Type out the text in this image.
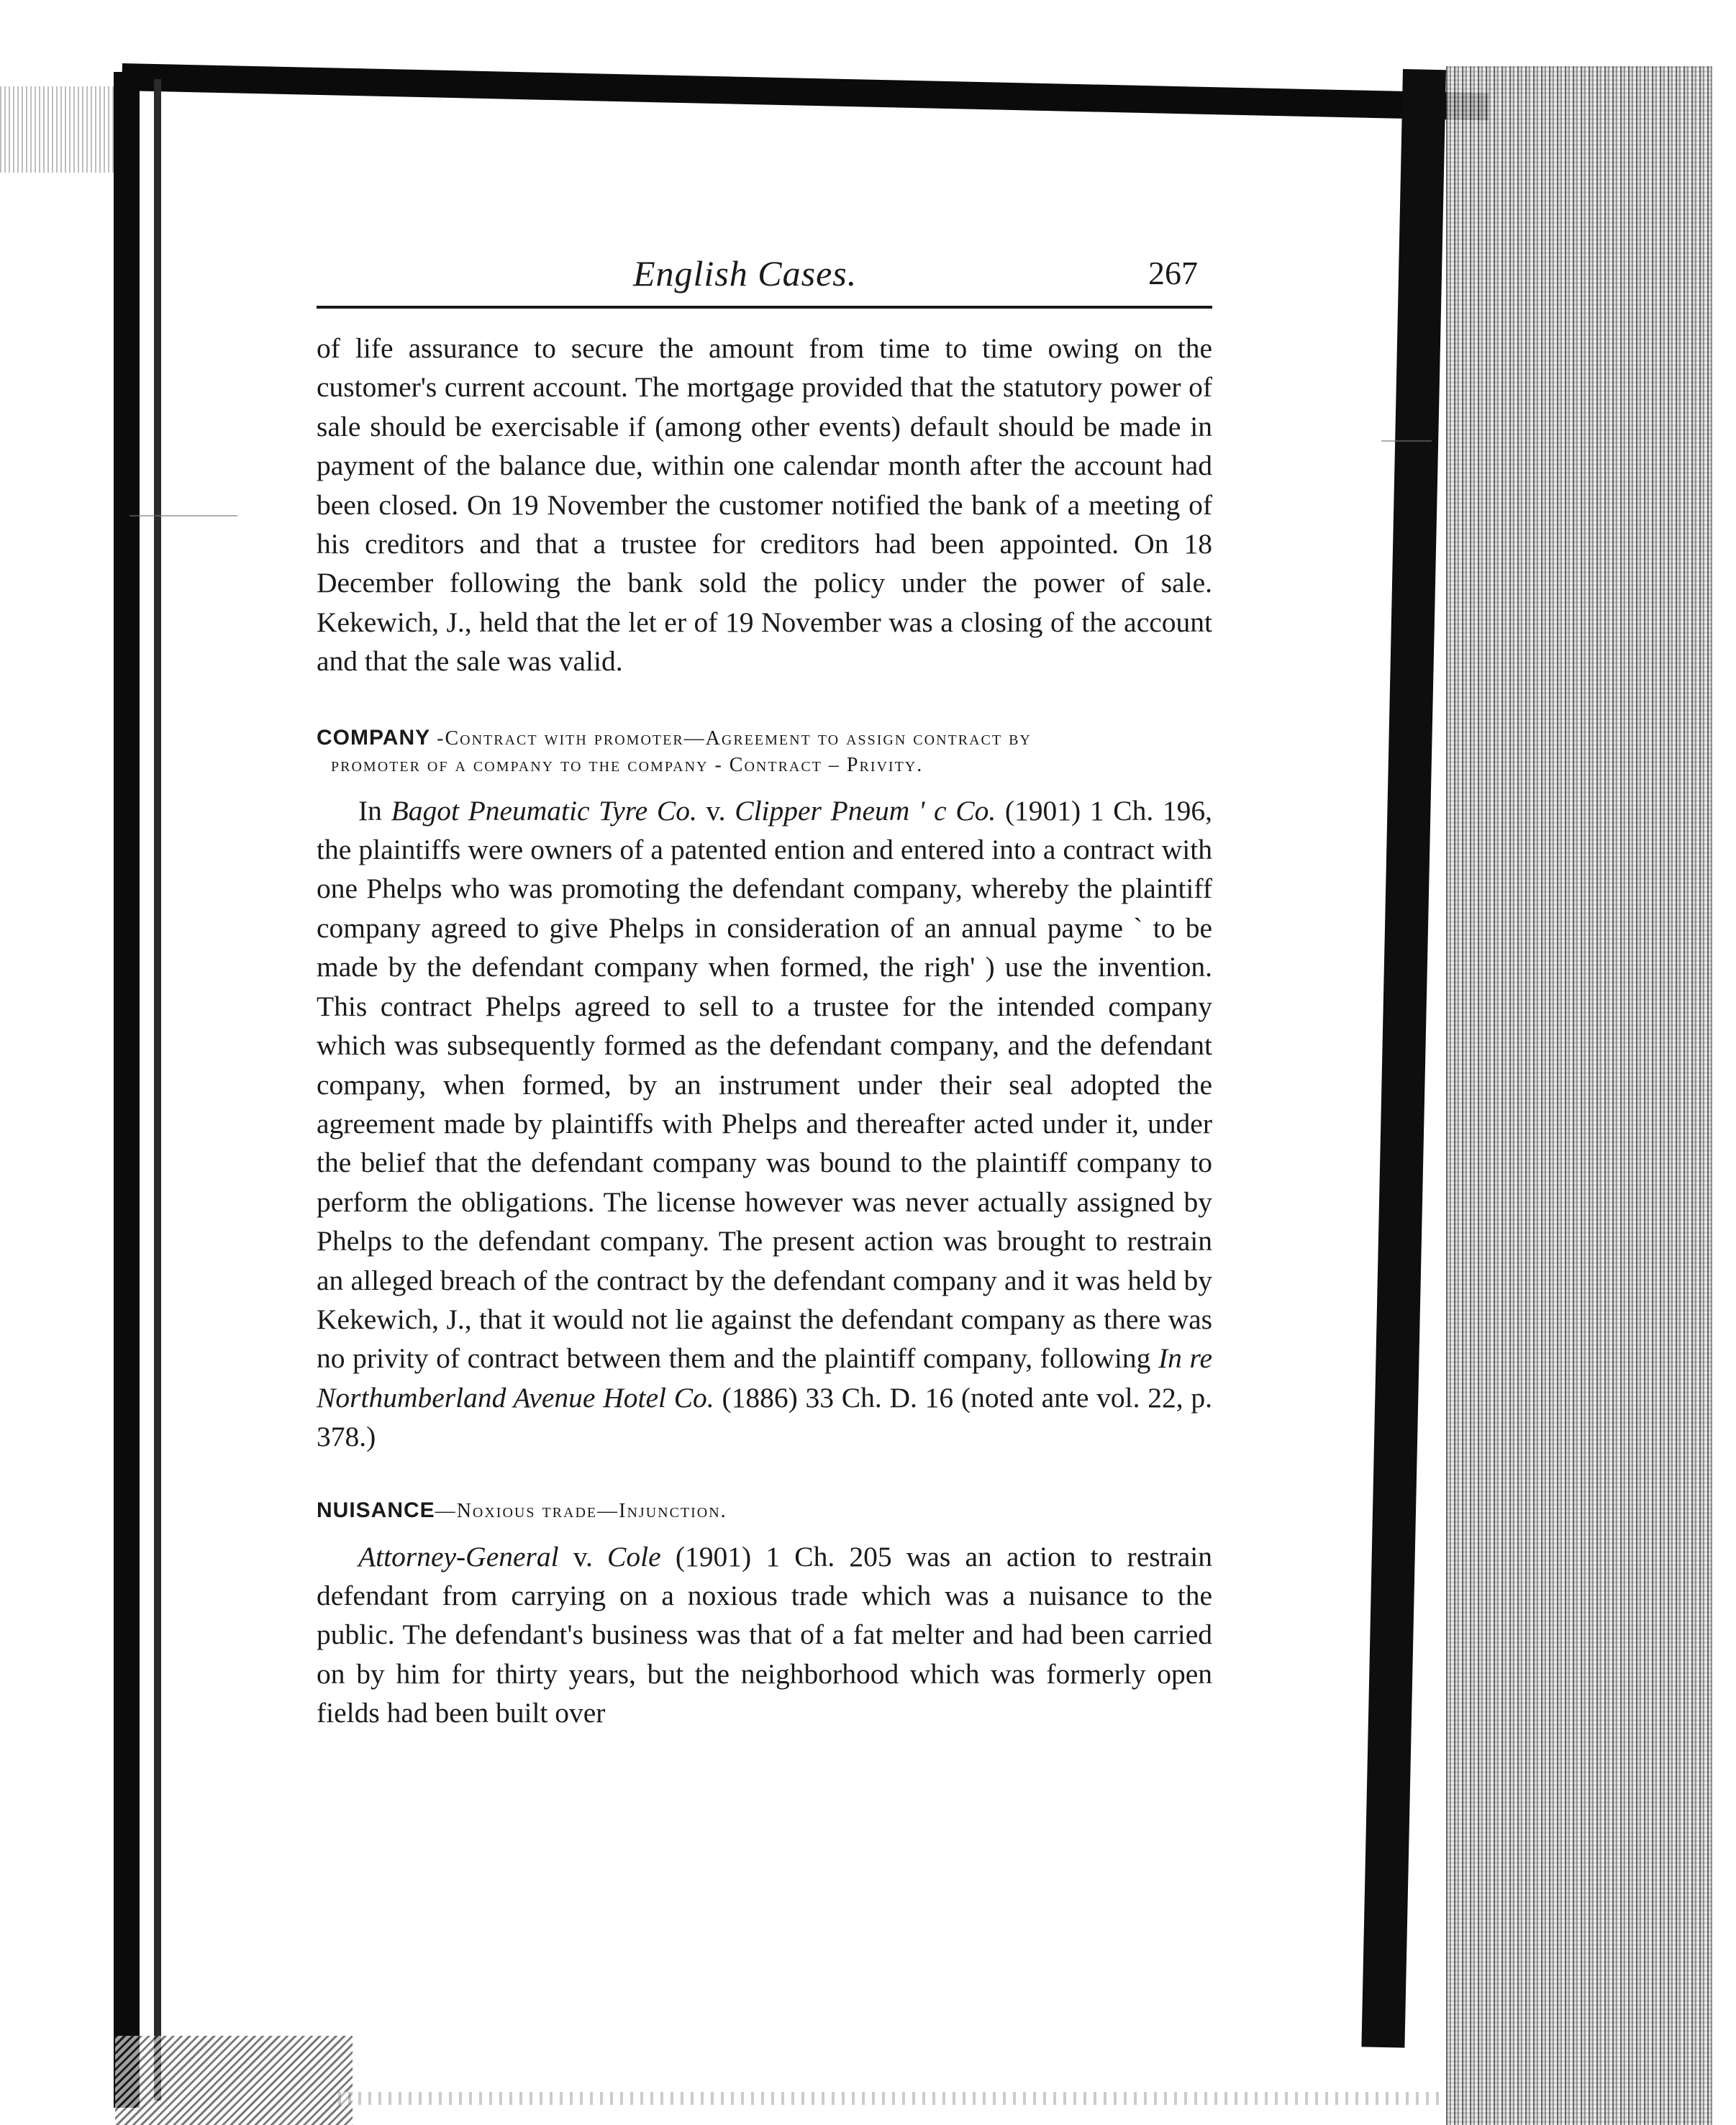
English Cases.	267

of life assurance to secure the amount from time to time owing on the customer's current account. The mortgage provided that the statutory power of sale should be exercisable if (among other events) default should be made in payment of the balance due, within one calendar month after the account had been closed. On 19 November the customer notified the bank of a meeting of his creditors and that a trustee for creditors had been appointed. On 18 December following the bank sold the policy under the power of sale. Kekewich, J., held that the let er of 19 November was a closing of the account and that the sale was valid.

COMPANY -Contract with promoter—Agreement to assign contract by
promoter of a company to the company - Contract – Privity.

In Bagot Pneumatic Tyre Co. v. Clipper Pneum ' c Co. (1901) 1 Ch. 196, the plaintiffs were owners of a patented ention and entered into a contract with one Phelps who was promoting the defendant company, whereby the plaintiff company agreed to give Phelps in consideration of an annual payme ` to be made by the defendant company when formed, the righ' ) use the invention. This contract Phelps agreed to sell to a trustee for the intended company which was subsequently formed as the defendant company, and the defendant company, when formed, by an instrument under their seal adopted the agreement made by plaintiffs with Phelps and thereafter acted under it, under the belief that the defendant company was bound to the plaintiff company to perform the obligations. The license however was never actually assigned by Phelps to the defendant company. The present action was brought to restrain an alleged breach of the contract by the defendant company and it was held by Kekewich, J., that it would not lie against the defendant company as there was no privity of contract between them and the plaintiff company, following In re Northumberland Avenue Hotel Co. (1886) 33 Ch. D. 16 (noted ante vol. 22, p. 378.)

NUISANCE—Noxious trade—Injunction.

Attorney-General v. Cole (1901) 1 Ch. 205 was an action to restrain defendant from carrying on a noxious trade which was a nuisance to the public. The defendant's business was that of a fat melter and had been carried on by him for thirty years, but the neighborhood which was formerly open fields had been built over
